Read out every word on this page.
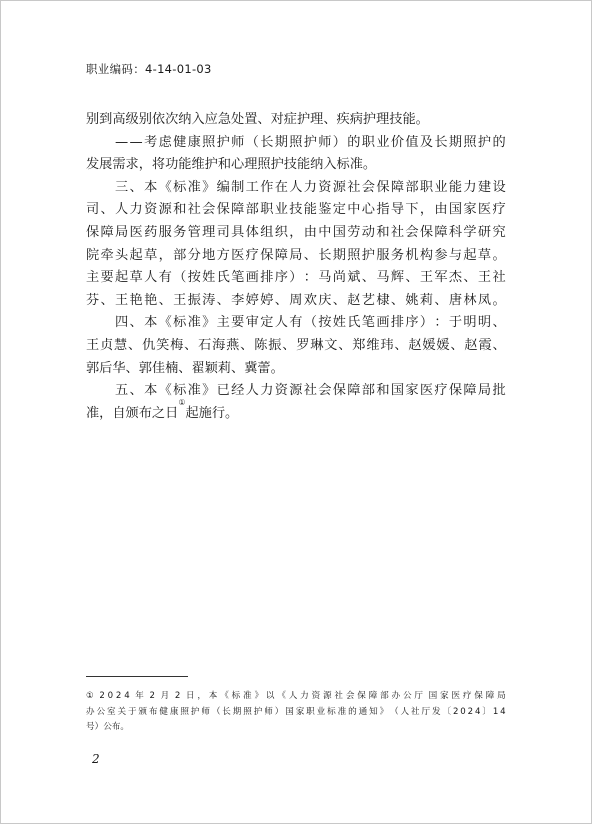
职业编码：4-14-01-03
别到高级别依次纳入应急处置、对症护理、疾病护理技能。

— — 考 虑 健 康 照 护 师 （ 长 期 照 护 师 ） 的 职 业 价 值 及 长 期 照 护 的
发展需求，将功能维护和心理照护技能纳入标准。

三 、 本 《 标 准 》 编 制 工 作 在 人 力 资 源 社 会 保 障 部 职 业 能 力 建 设
司 、 人 力 资 源 和 社 会 保 障 部 职 业 技 能 鉴 定 中 心 指 导 下 ， 由 国 家 医 疗
保 障 局 医 药 服 务 管 理 司 具 体 组 织 ， 由 中 国 劳 动 和 社 会 保 障 科 学 研 究
院 牵 头 起 草 ， 部 分 地 方 医 疗 保 障 局 、 长 期 照 护 服 务 机 构 参 与 起 草 。
主 要 起 草 人 有 （ 按 姓 氏 笔 画 排 序 ） ： 马 尚 斌 、 马 辉 、 王 军 杰 、 王 社
芬 、 王 艳 艳 、 王 振 涛 、 李 婷 婷 、 周 欢 庆 、 赵 艺 棣 、 姚 莉 、 唐 林 凤 。

四 、 本 《 标 准 》 主 要 审 定 人 有 （ 按 姓 氏 笔 画 排 序 ） ： 于 明 明 、
王 贞 慧 、 仇 笑 梅 、 石 海 燕 、 陈 振 、 罗 琳 文 、 郑 维 玮 、 赵 媛 媛 、 赵 霞 、
郭后华、郭佳楠、翟颖莉、冀蕾。

五 、 本 《 标 准 》 已 经 人 力 资 源 社 会 保 障 部 和 国 家 医 疗 保 障 局 批
准，自颁布之日
①
起施行。
① 2 0 2 4 年 2 月 2 日 ， 本 《 标 准 》 以 《 人 力 资 源 社 会 保 障 部 办 公 厅 国 家 医 疗 保 障 局
办 公 室 关 于 颁 布 健 康 照 护 师 （ 长 期 照 护 师 ） 国 家 职 业 标 准 的 通 知 》 （ 人 社 厅 发 〔 2 0 2 4 〕 1 4
号）公布。
2
